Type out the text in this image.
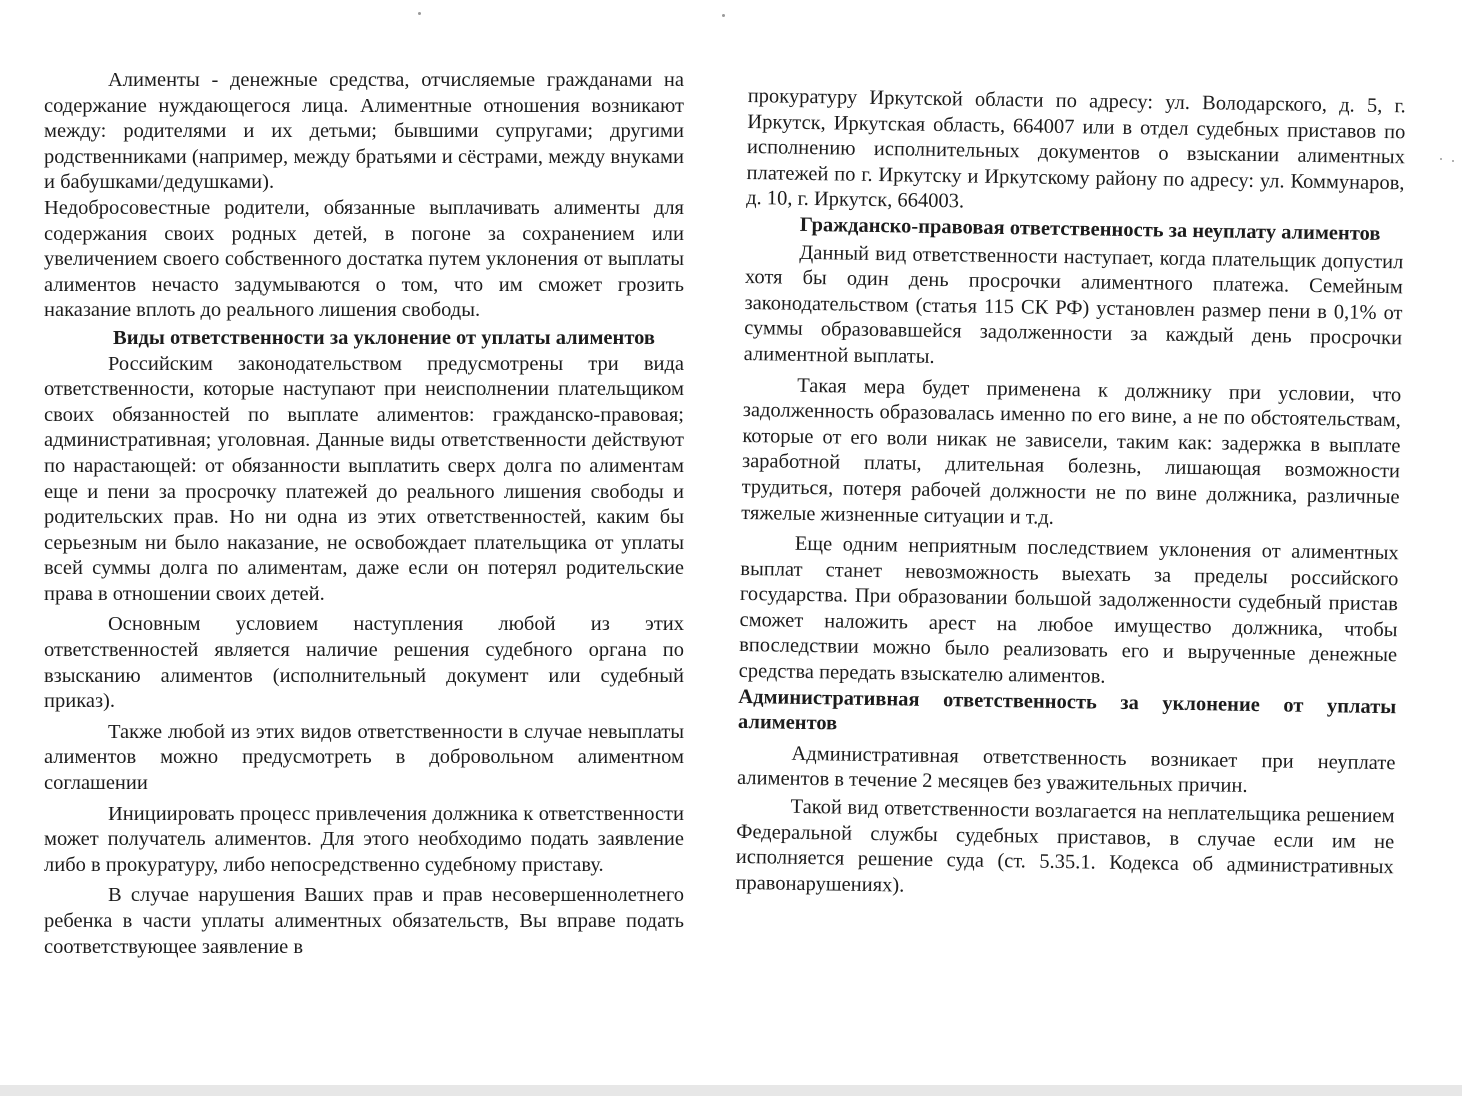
Алименты - денежные средства, отчисляемые гражданами на содержание нуждающегося лица. Алиментные отношения возникают между: родителями и их детьми; бывшими супругами; другими родственниками (например, между братьями и сёстрами, между внуками и бабушками/дедушками).

Недобросовестные родители, обязанные выплачивать алименты для содержания своих родных детей, в погоне за сохранением или увеличением своего собственного достатка путем уклонения от выплаты алиментов нечасто задумываются о том, что им сможет грозить наказание вплоть до реального лишения свободы.

Виды ответственности за уклонение от уплаты алиментов

Российским законодательством предусмотрены три вида ответственности, которые наступают при неисполнении плательщиком своих обязанностей по выплате алиментов: гражданско-правовая; административная; уголовная. Данные виды ответственности действуют по нарастающей: от обязанности выплатить сверх долга по алиментам еще и пени за просрочку платежей до реального лишения свободы и родительских прав. Но ни одна из этих ответственностей, каким бы серьезным ни было наказание, не освобождает плательщика от уплаты всей суммы долга по алиментам, даже если он потерял родительские права в отношении своих детей.

Основным условием наступления любой из этих ответственностей является наличие решения судебного органа по взысканию алиментов (исполнительный документ или судебный приказ).

Также любой из этих видов ответственности в случае невыплаты алиментов можно предусмотреть в добровольном алиментном соглашении

Инициировать процесс привлечения должника к ответственности может получатель алиментов. Для этого необходимо подать заявление либо в прокуратуру, либо непосредственно судебному приставу.

В случае нарушения Ваших прав и прав несовершеннолетнего ребенка в части уплаты алиментных обязательств, Вы вправе подать соответствующее заявление в

прокуратуру Иркутской области по адресу: ул. Володарского, д. 5, г. Иркутск, Иркутская область, 664007 или в отдел судебных приставов по исполнению исполнительных документов о взыскании алиментных платежей по г. Иркутску и Иркутскому району по адресу: ул. Коммунаров, д. 10, г. Иркутск, 664003.

Гражданско-правовая ответственность за неуплату алиментов

Данный вид ответственности наступает, когда плательщик допустил хотя бы один день просрочки алиментного платежа. Семейным законодательством (статья 115 СК РФ) установлен размер пени в 0,1% от суммы образовавшейся задолженности за каждый день просрочки алиментной выплаты.

Такая мера будет применена к должнику при условии, что задолженность образовалась именно по его вине, а не по обстоятельствам, которые от его воли никак не зависели, таким как: задержка в выплате заработной платы, длительная болезнь, лишающая возможности трудиться, потеря рабочей должности не по вине должника, различные тяжелые жизненные ситуации и т.д.

Еще одним неприятным последствием уклонения от алиментных выплат станет невозможность выехать за пределы российского государства. При образовании большой задолженности судебный пристав сможет наложить арест на любое имущество должника, чтобы впоследствии можно было реализовать его и вырученные денежные средства передать взыскателю алиментов.

Административная ответственность за уклонение от уплаты алиментов

Административная ответственность возникает при неуплате алиментов в течение 2 месяцев без уважительных причин.

Такой вид ответственности возлагается на неплательщика решением Федеральной службы судебных приставов, в случае если им не исполняется решение суда (ст. 5.35.1. Кодекса об административных правонарушениях).
